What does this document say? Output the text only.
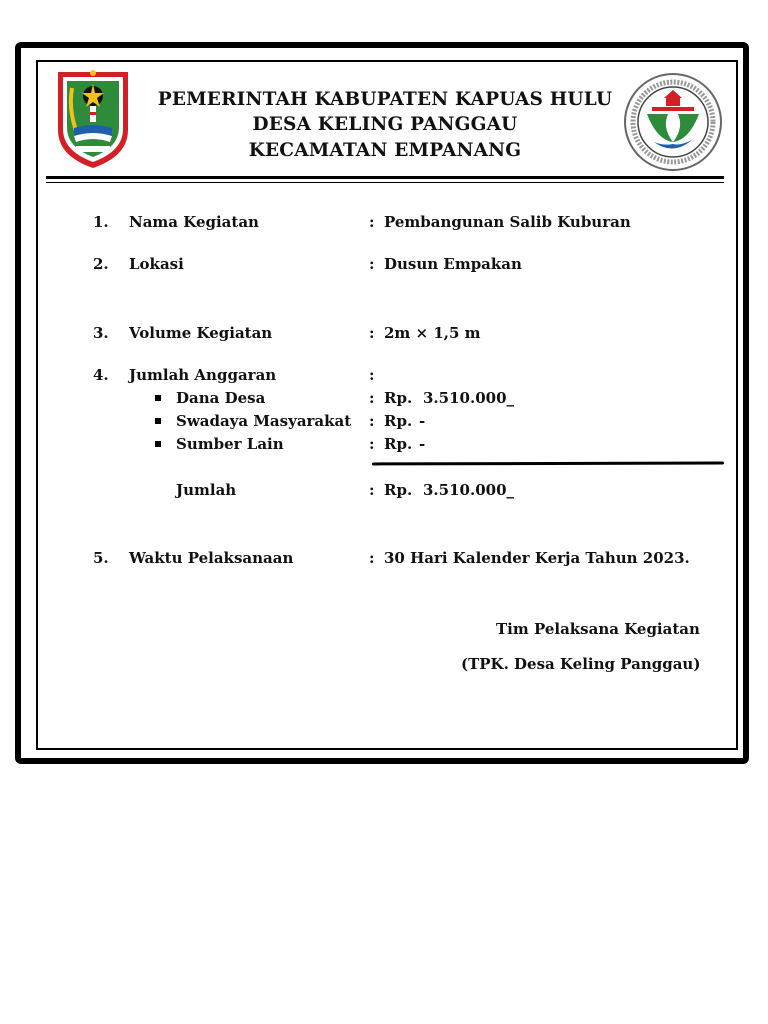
PEMERINTAH KABUPATEN KAPUAS HULU
DESA KELING PANGGAU
KECAMATAN EMPANANG
1. Nama Kegiatan	: Pembangunan Salib Kuburan
2. Lokasi	: Dusun Empakan
3. Volume Kegiatan	: 2m × 1,5 m
4. Jumlah Anggaran	:
Dana Desa	: Rp. 3.510.000_
Swadaya Masyarakat : Rp. -
Sumber Lain	: Rp. -
Jumlah	: Rp. 3.510.000_
5. Waktu Pelaksanaan	: 30 Hari Kalender Kerja Tahun 2023.
Tim Pelaksana Kegiatan
(TPK. Desa Keling Panggau)
